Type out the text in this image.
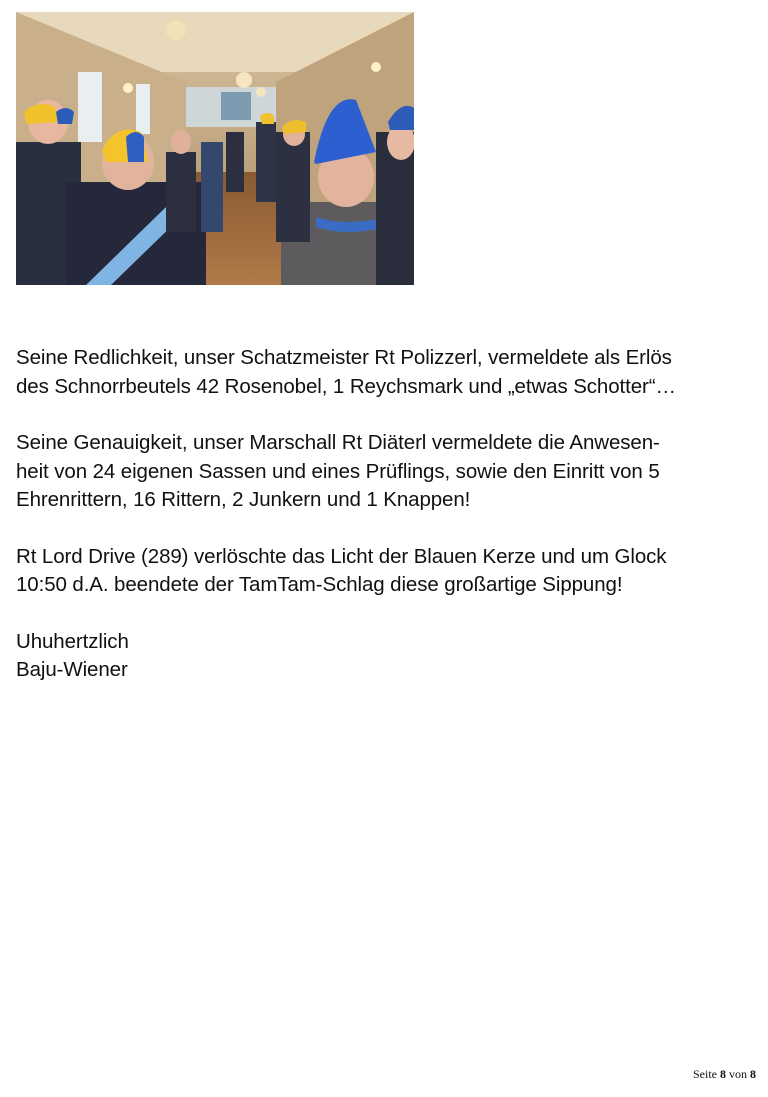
Seine Redlichkeit, unser Schatzmeister Rt Polizzerl, vermeldete als Erlös
des Schnorrbeutels 42 Rosenobel, 1 Reychsmark und „etwas Schotter“…

Seine Genauigkeit, unser Marschall Rt Diäterl vermeldete die Anwesen-
heit von 24 eigenen Sassen und eines Prüflings, sowie den Einritt von 5
Ehrenrittern, 16 Rittern, 2 Junkern und 1 Knappen!

Rt Lord Drive (289) verlöschte das Licht der Blauen Kerze und um Glock
10:50 d.A. beendete der TamTam-Schlag diese großartige Sippung!

Uhuhertzlich
Baju-Wiener

Seite 8 von 8
